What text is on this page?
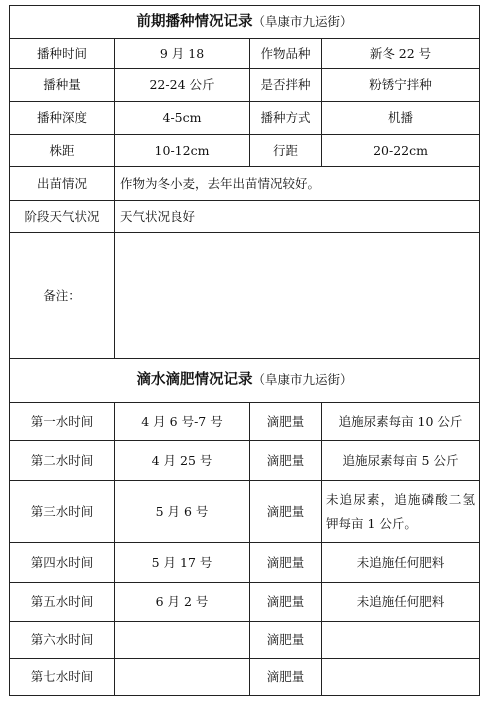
前期播种情况记录（阜康市九运街）			
播种时间	9 月 18	作物品种	新冬 22 号
播种量	22-24 公斤	是否拌种	粉锈宁拌种
播种深度	4-5cm	播种方式	机播
株距	10-12cm	行距	20-22cm
出苗情况	作物为冬小麦，去年出苗情况较好。		
阶段天气状况	天气状况良好		
备注：			
滴水滴肥情况记录（阜康市九运街）			
第一水时间	4 月 6 号-7 号	滴肥量	追施尿素每亩 10 公斤
第二水时间	4 月 25 号	滴肥量	追施尿素每亩 5 公斤
第三水时间	5 月 6 号	滴肥量	未追尿素，追施磷酸二氢钾每亩 1 公斤。
第四水时间	5 月 17 号	滴肥量	未追施任何肥料
第五水时间	6 月 2 号	滴肥量	未追施任何肥料
第六水时间		滴肥量	
第七水时间		滴肥量	
